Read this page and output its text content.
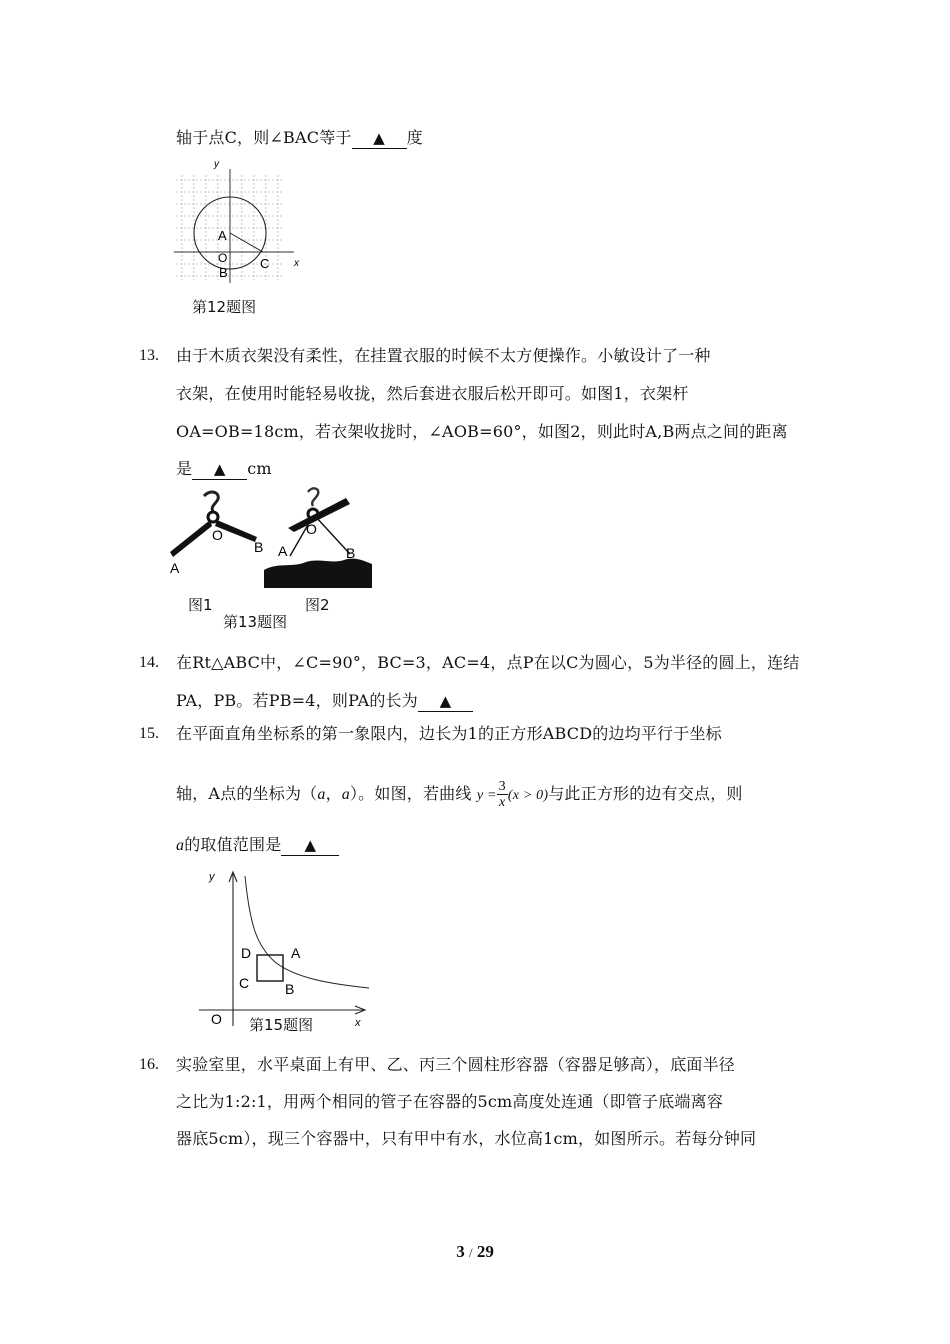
轴于点C，则∠BAC等于 ▲ 度
y
x
A
O
B
C
第12题图
13. 由于木质衣架没有柔性，在挂置衣服的时候不太方便操作。小敏设计了一种
衣架，在使用时能轻易收拢，然后套进衣服后松开即可。如图1，衣架杆
OA=OB=18cm，若衣架收拢时，∠AOB=60°，如图2，则此时A,B两点之间的距离
是 ▲ cm
O
A
B
O
A	B
图1	图2
第13题图
14. 在Rt△ABC中，∠C=90°，BC=3，AC=4，点P在以C为圆心，5为半径的圆上，连结
PA，PB。若PB=4，则PA的长为 ▲
15. 在平面直角坐标系的第一象限内，边长为1的正方形ABCD的边均平行于坐标
轴，A点的坐标为（a，a）。如图，若曲线 $y = \frac{3}{x} (x > 0)$与此正方形的边有交点，则
a的取值范围是 ▲
y
x
O
D	A
C	B
第15题图
16. 实验室里，水平桌面上有甲、乙、丙三个圆柱形容器（容器足够高），底面半径
之比为1:2:1，用两个相同的管子在容器的5cm高度处连通（即管子底端离容
器底5cm），现三个容器中，只有甲中有水，水位高1cm，如图所示。若每分钟同
3 / 29
